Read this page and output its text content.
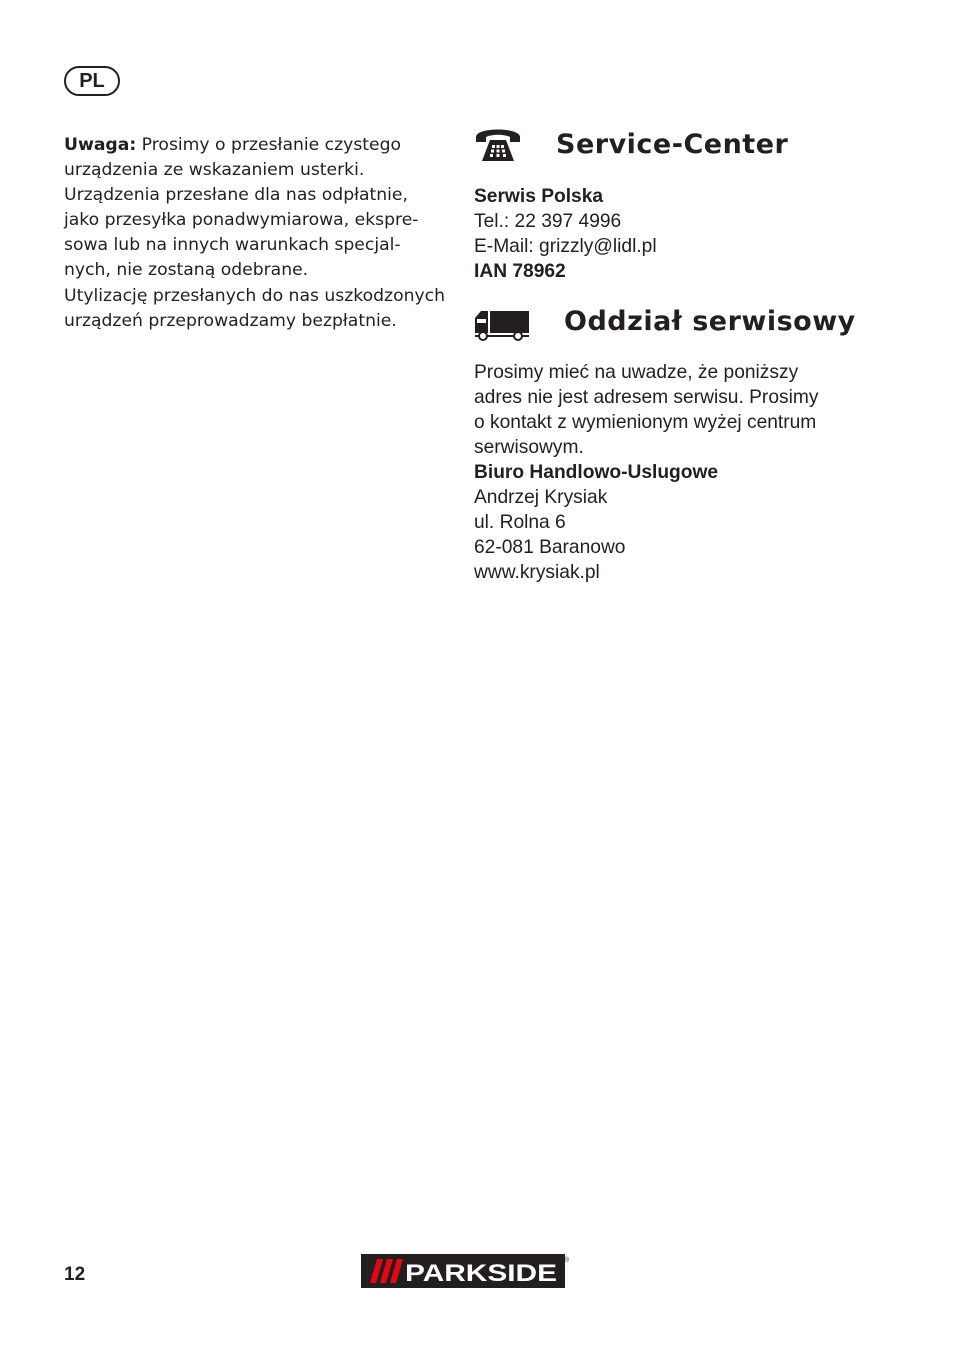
PL

Uwaga: Prosimy o przesłanie czystego

urządzenia ze wskazaniem usterki.

Urządzenia przesłane dla nas odpłatnie,

jako przesyłka ponadwymiarowa, ekspre-

sowa lub na innych warunkach specjal-

nych, nie zostaną odebrane.

Utylizację przesłanych do nas uszkodzonych

urządzeń przeprowadzamy bezpłatnie.

Service-Center
Serwis Polska
Tel.: 22 397 4996
E-Mail: grizzly@lidl.pl
IAN 78962
Oddział serwisowy
Prosimy mieć na uwadze, że poniższy
adres nie jest adresem serwisu. Prosimy
o kontakt z wymienionym wyżej centrum
serwisowym.
Biuro Handlowo-Uslugowe
Andrzej Krysiak
ul. Rolna 6
62-081 Baranowo
www.krysiak.pl
12	PARKSIDE ®
